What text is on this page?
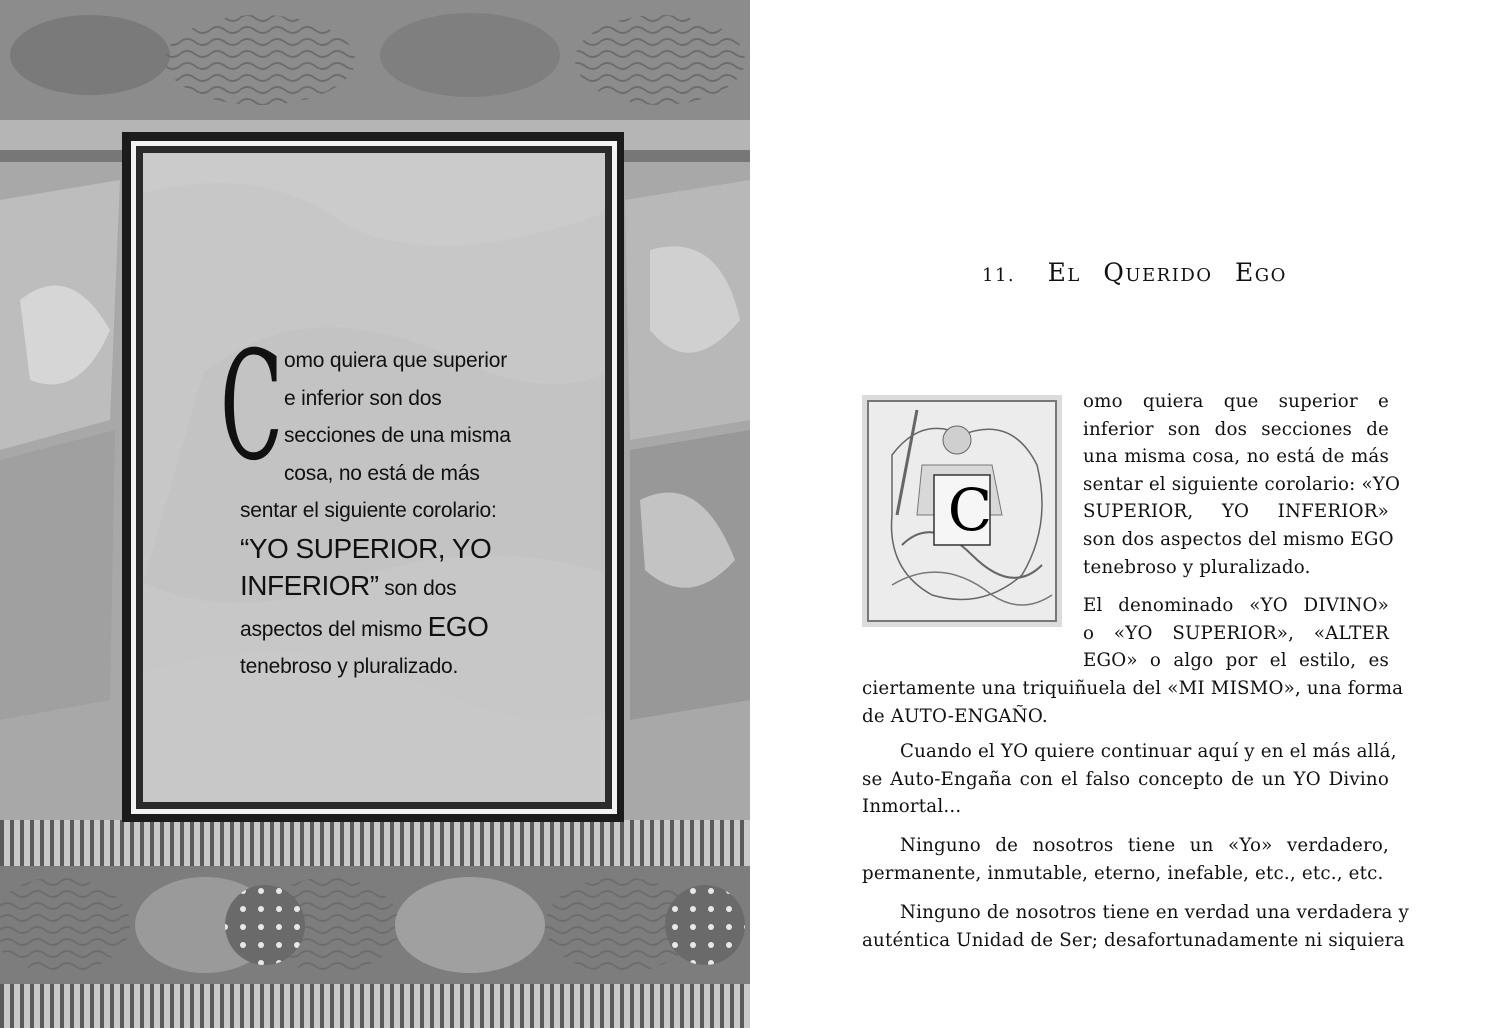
C omo quiera que superior
e inferior son dos
secciones de una misma
cosa, no está de más
sentar el siguiente corolario:
“YO SUPERIOR, YO
INFERIOR” son dos
aspectos del mismo EGO
tenebroso y pluralizado.
11. EL QUERIDO EGO
C
omo quiera que superior e
inferior son dos secciones de
una misma cosa, no está de más
sentar el siguiente corolario: «YO
SUPERIOR, YO INFERIOR»
son dos aspectos del mismo EGO
tenebroso y pluralizado.
El denominado «YO DIVINO»
o «YO SUPERIOR», «ALTER
EGO» o algo por el estilo, es
ciertamente una triquiñuela del «MI MISMO», una forma
de AUTO-ENGAÑO.
Cuando el YO quiere continuar aquí y en el más allá,
se Auto-Engaña con el falso concepto de un YO Divino
Inmortal...
Ninguno de nosotros tiene un «Yo» verdadero,
permanente, inmutable, eterno, inefable, etc., etc., etc.
Ninguno de nosotros tiene en verdad una verdadera y
auténtica Unidad de Ser; desafortunadamente ni siquiera
